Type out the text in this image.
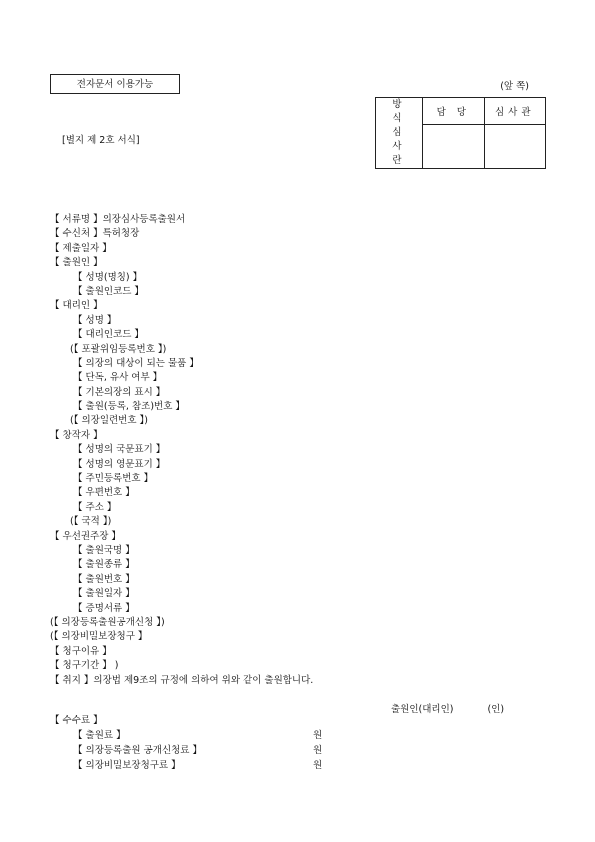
전자문서 이용가능	(앞 쪽)
[별지 제 2호 서식]
방
식
심
사
란	담 당	심사관

【 서류명 】의장심사등록출원서
【 수신처 】특허청장
【 제출일자 】
【 출원인 】
【 성명(명칭) 】
【 출원인코드 】
【 대리인 】
【 성명 】
【 대리인코드 】
(【 포괄위임등록번호 】)
【 의장의 대상이 되는 물품 】
【 단독, 유사 여부 】
【 기본의장의 표시 】
【 출원(등록, 참조)번호 】
(【 의장일련번호 】)
【 창작자 】
【 성명의 국문표기 】
【 성명의 영문표기 】
【 주민등록번호 】
【 우편번호 】
【 주소 】
(【 국적 】)
【 우선권주장 】
【 출원국명 】
【 출원종류 】
【 출원번호 】
【 출원일자 】
【 증명서류 】
(【 의장등록출원공개신청 】)
(【 의장비밀보장청구 】
【 청구이유 】
【 청구기간 】 )
【 취지 】의장법 제9조의 규정에 의하여 위와 같이 출원합니다.
출원인(대리인)	(인)
【 수수료 】
【 출원료 】	원
【 의장등록출원 공개신청료 】	원
【 의장비밀보장청구료 】	원
